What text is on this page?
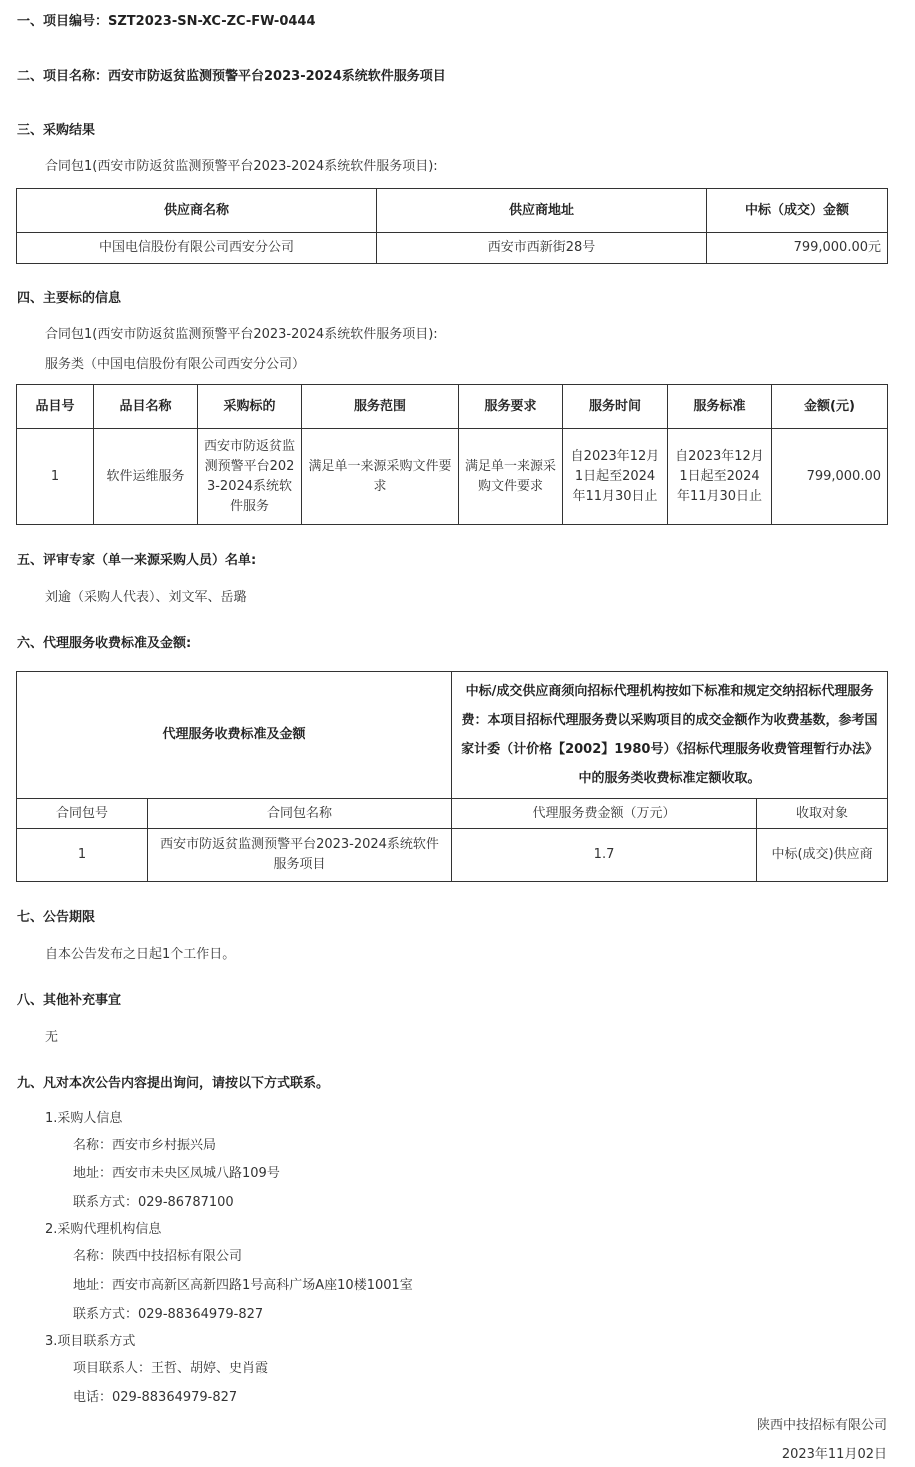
一、项目编号：SZT2023-SN-XC-ZC-FW-0444
二、项目名称：西安市防返贫监测预警平台2023-2024系统软件服务项目
三、采购结果
合同包1(西安市防返贫监测预警平台2023-2024系统软件服务项目):
供应商名称	供应商地址	中标（成交）金额
中国电信股份有限公司西安分公司	西安市西新街28号	799,000.00元
四、主要标的信息
合同包1(西安市防返贫监测预警平台2023-2024系统软件服务项目):
服务类（中国电信股份有限公司西安分公司）
品目号	品目名称	采购标的	服务范围	服务要求	服务时间	服务标准	金额(元)
1	软件运维服务	西安市防返贫监测预警平台2023-2024系统软件服务	满足单一来源采购文件要求	满足单一来源采购文件要求	自2023年12月1日起至2024年11月30日止	自2023年12月1日起至2024年11月30日止	799,000.00
五、评审专家（单一来源采购人员）名单:
刘逾（采购人代表）、刘文军、岳璐
六、代理服务收费标准及金额:
代理服务收费标准及金额		中标/成交供应商须向招标代理机构按如下标准和规定交纳招标代理服务费：本项目招标代理服务费以采购项目的成交金额作为收费基数，参考国家计委（计价格【2002】1980号）《招标代理服务收费管理暂行办法》中的服务类收费标准定额收取。	
合同包号	合同包名称	代理服务费金额（万元）	收取对象
1	西安市防返贫监测预警平台2023-2024系统软件服务项目	1.7	中标(成交)供应商
七、公告期限
自本公告发布之日起1个工作日。
八、其他补充事宜
无
九、凡对本次公告内容提出询问，请按以下方式联系。
1.采购人信息
名称：西安市乡村振兴局
地址：西安市未央区凤城八路109号
联系方式：029-86787100
2.采购代理机构信息
名称：陕西中技招标有限公司
地址：西安市高新区高新四路1号高科广场A座10楼1001室
联系方式：029-88364979-827
3.项目联系方式
项目联系人：王哲、胡婷、史肖霞
电话：029-88364979-827
陕西中技招标有限公司
2023年11月02日
